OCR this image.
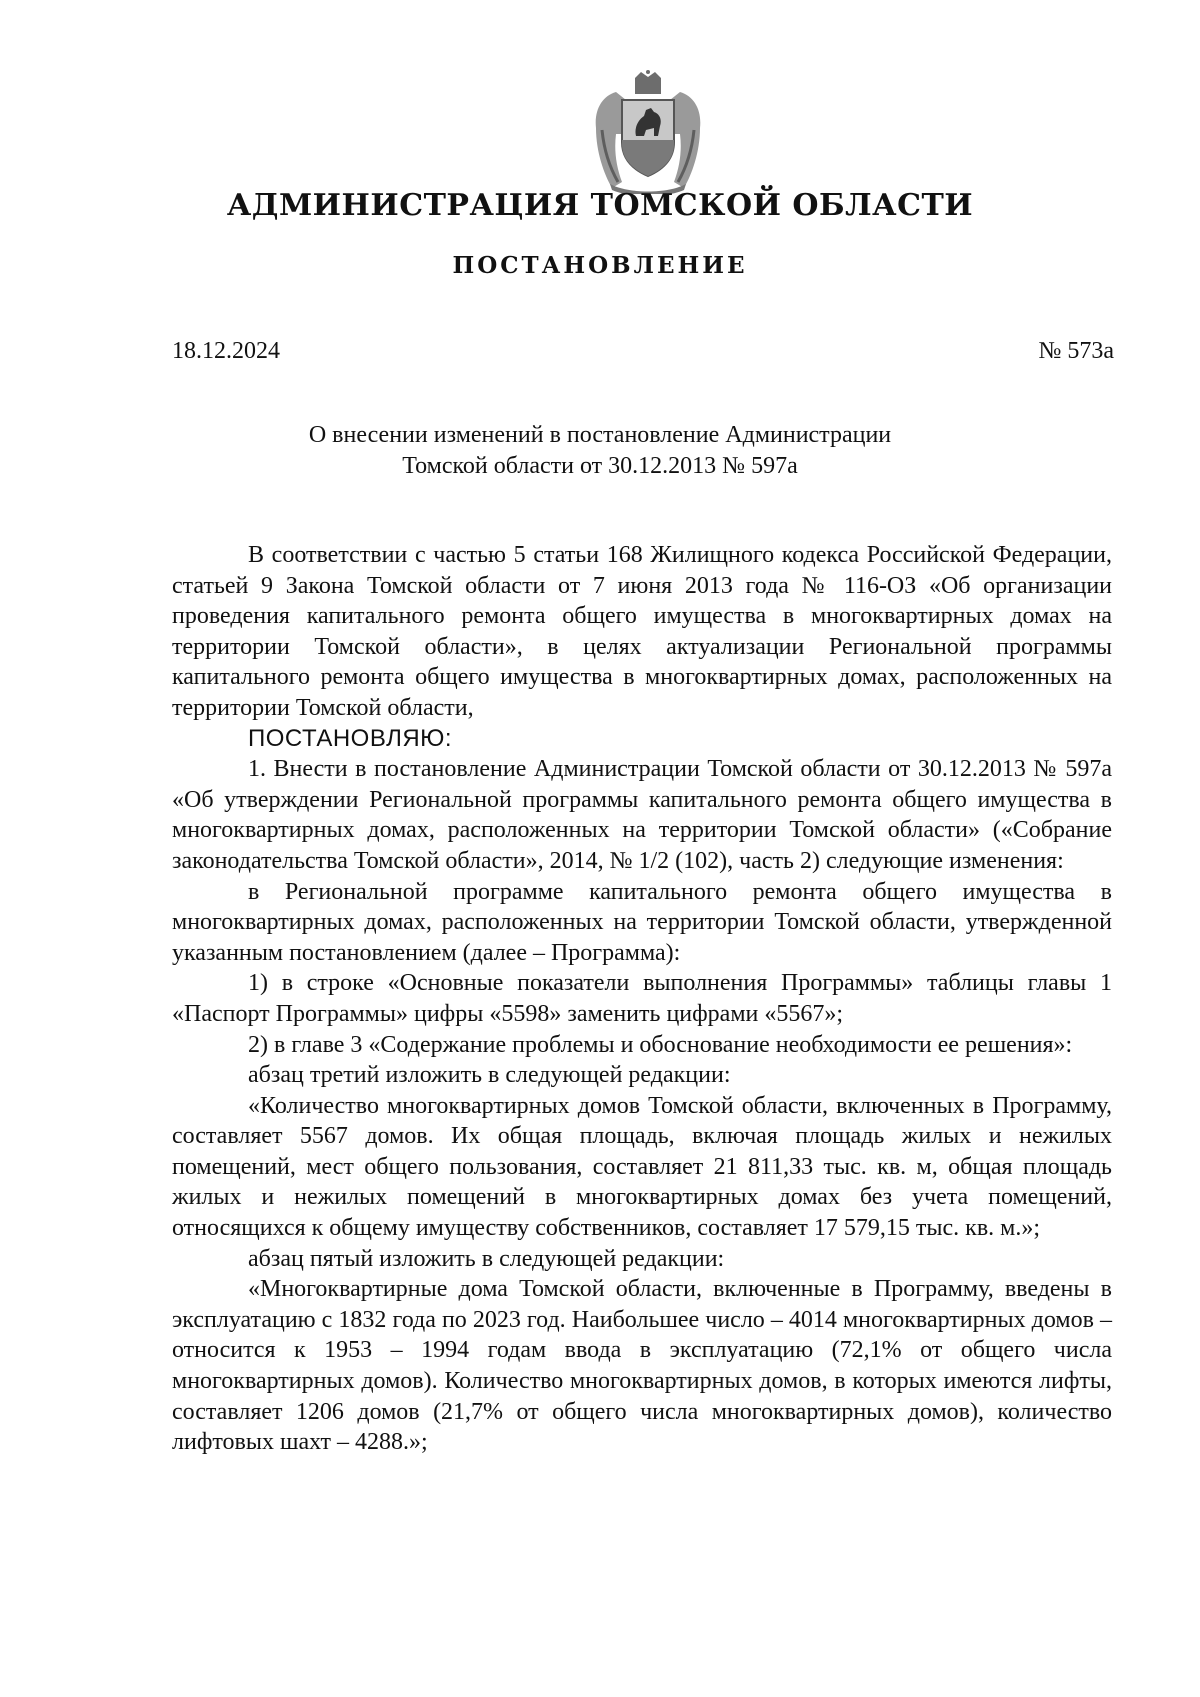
АДМИНИСТРАЦИЯ ТОМСКОЙ ОБЛАСТИ
ПОСТАНОВЛЕНИЕ
18.12.2024	№ 573а
О внесении изменений в постановление Администрации
Томской области от 30.12.2013 № 597а

В соответствии с частью 5 статьи 168 Жилищного кодекса Российской Федерации, статьей 9 Закона Томской области от 7 июня 2013 года № 116-ОЗ «Об организации проведения капитального ремонта общего имущества в многоквартирных домах на территории Томской области», в целях актуализации Региональной программы капитального ремонта общего имущества в многоквартирных домах, расположенных на территории Томской области,

ПОСТАНОВЛЯЮ:

1. Внести в постановление Администрации Томской области от 30.12.2013 № 597а «Об утверждении Региональной программы капитального ремонта общего имущества в многоквартирных домах, расположенных на территории Томской области» («Собрание законодательства Томской области», 2014, № 1/2 (102), часть 2) следующие изменения:

в Региональной программе капитального ремонта общего имущества в многоквартирных домах, расположенных на территории Томской области, утвержденной указанным постановлением (далее – Программа):

1) в строке «Основные показатели выполнения Программы» таблицы главы 1 «Паспорт Программы» цифры «5598» заменить цифрами «5567»;

2) в главе 3 «Содержание проблемы и обоснование необходимости ее решения»:

абзац третий изложить в следующей редакции:

«Количество многоквартирных домов Томской области, включенных в Программу, составляет 5567 домов. Их общая площадь, включая площадь жилых и нежилых помещений, мест общего пользования, составляет 21 811,33 тыс. кв. м, общая площадь жилых и нежилых помещений в многоквартирных домах без учета помещений, относящихся к общему имуществу собственников, составляет 17 579,15 тыс. кв. м.»;

абзац пятый изложить в следующей редакции:

«Многоквартирные дома Томской области, включенные в Программу, введены в эксплуатацию с 1832 года по 2023 год. Наибольшее число – 4014 многоквартирных домов – относится к 1953 – 1994 годам ввода в эксплуатацию (72,1% от общего числа многоквартирных домов). Количество многоквартирных домов, в которых имеются лифты, составляет 1206 домов (21,7% от общего числа многоквартирных домов), количество лифтовых шахт – 4288.»;
